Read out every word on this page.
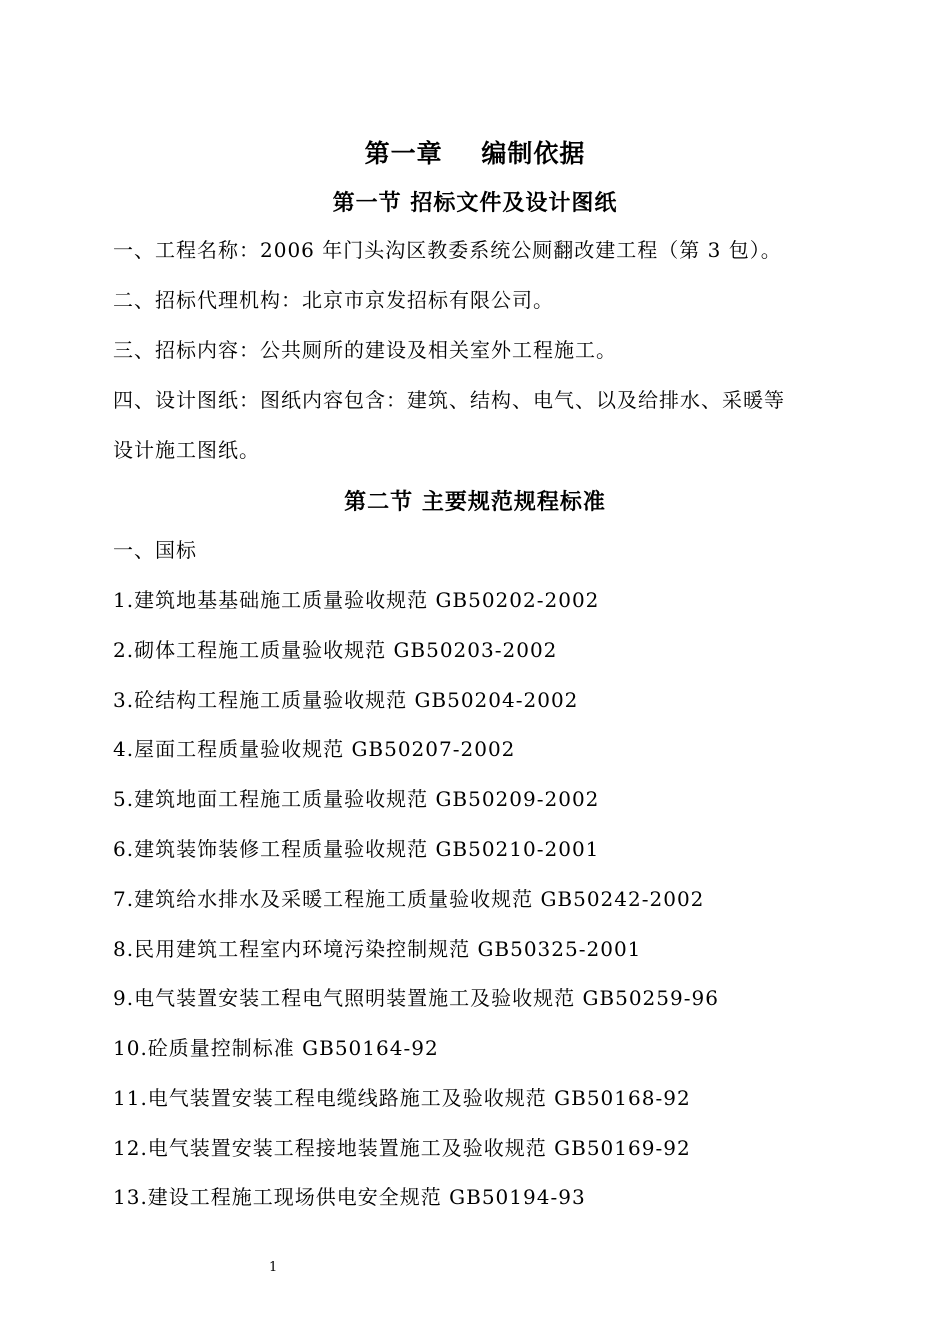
第一章    编制依据
第一节 招标文件及设计图纸
一、工程名称：2006 年门头沟区教委系统公厕翻改建工程（第 3 包）。
二、招标代理机构：北京市京发招标有限公司。
三、招标内容：公共厕所的建设及相关室外工程施工。
四、设计图纸：图纸内容包含：建筑、结构、电气、以及给排水、采暖等
设计施工图纸。
第二节 主要规范规程标准
一、国标
1.建筑地基基础施工质量验收规范 GB50202-2002
2.砌体工程施工质量验收规范 GB50203-2002
3.砼结构工程施工质量验收规范 GB50204-2002
4.屋面工程质量验收规范 GB50207-2002
5.建筑地面工程施工质量验收规范 GB50209-2002
6.建筑装饰装修工程质量验收规范 GB50210-2001
7.建筑给水排水及采暖工程施工质量验收规范 GB50242-2002
8.民用建筑工程室内环境污染控制规范 GB50325-2001
9.电气装置安装工程电气照明装置施工及验收规范 GB50259-96
10.砼质量控制标准 GB50164-92
11.电气装置安装工程电缆线路施工及验收规范 GB50168-92
12.电气装置安装工程接地装置施工及验收规范 GB50169-92
13.建设工程施工现场供电安全规范 GB50194-93
1
